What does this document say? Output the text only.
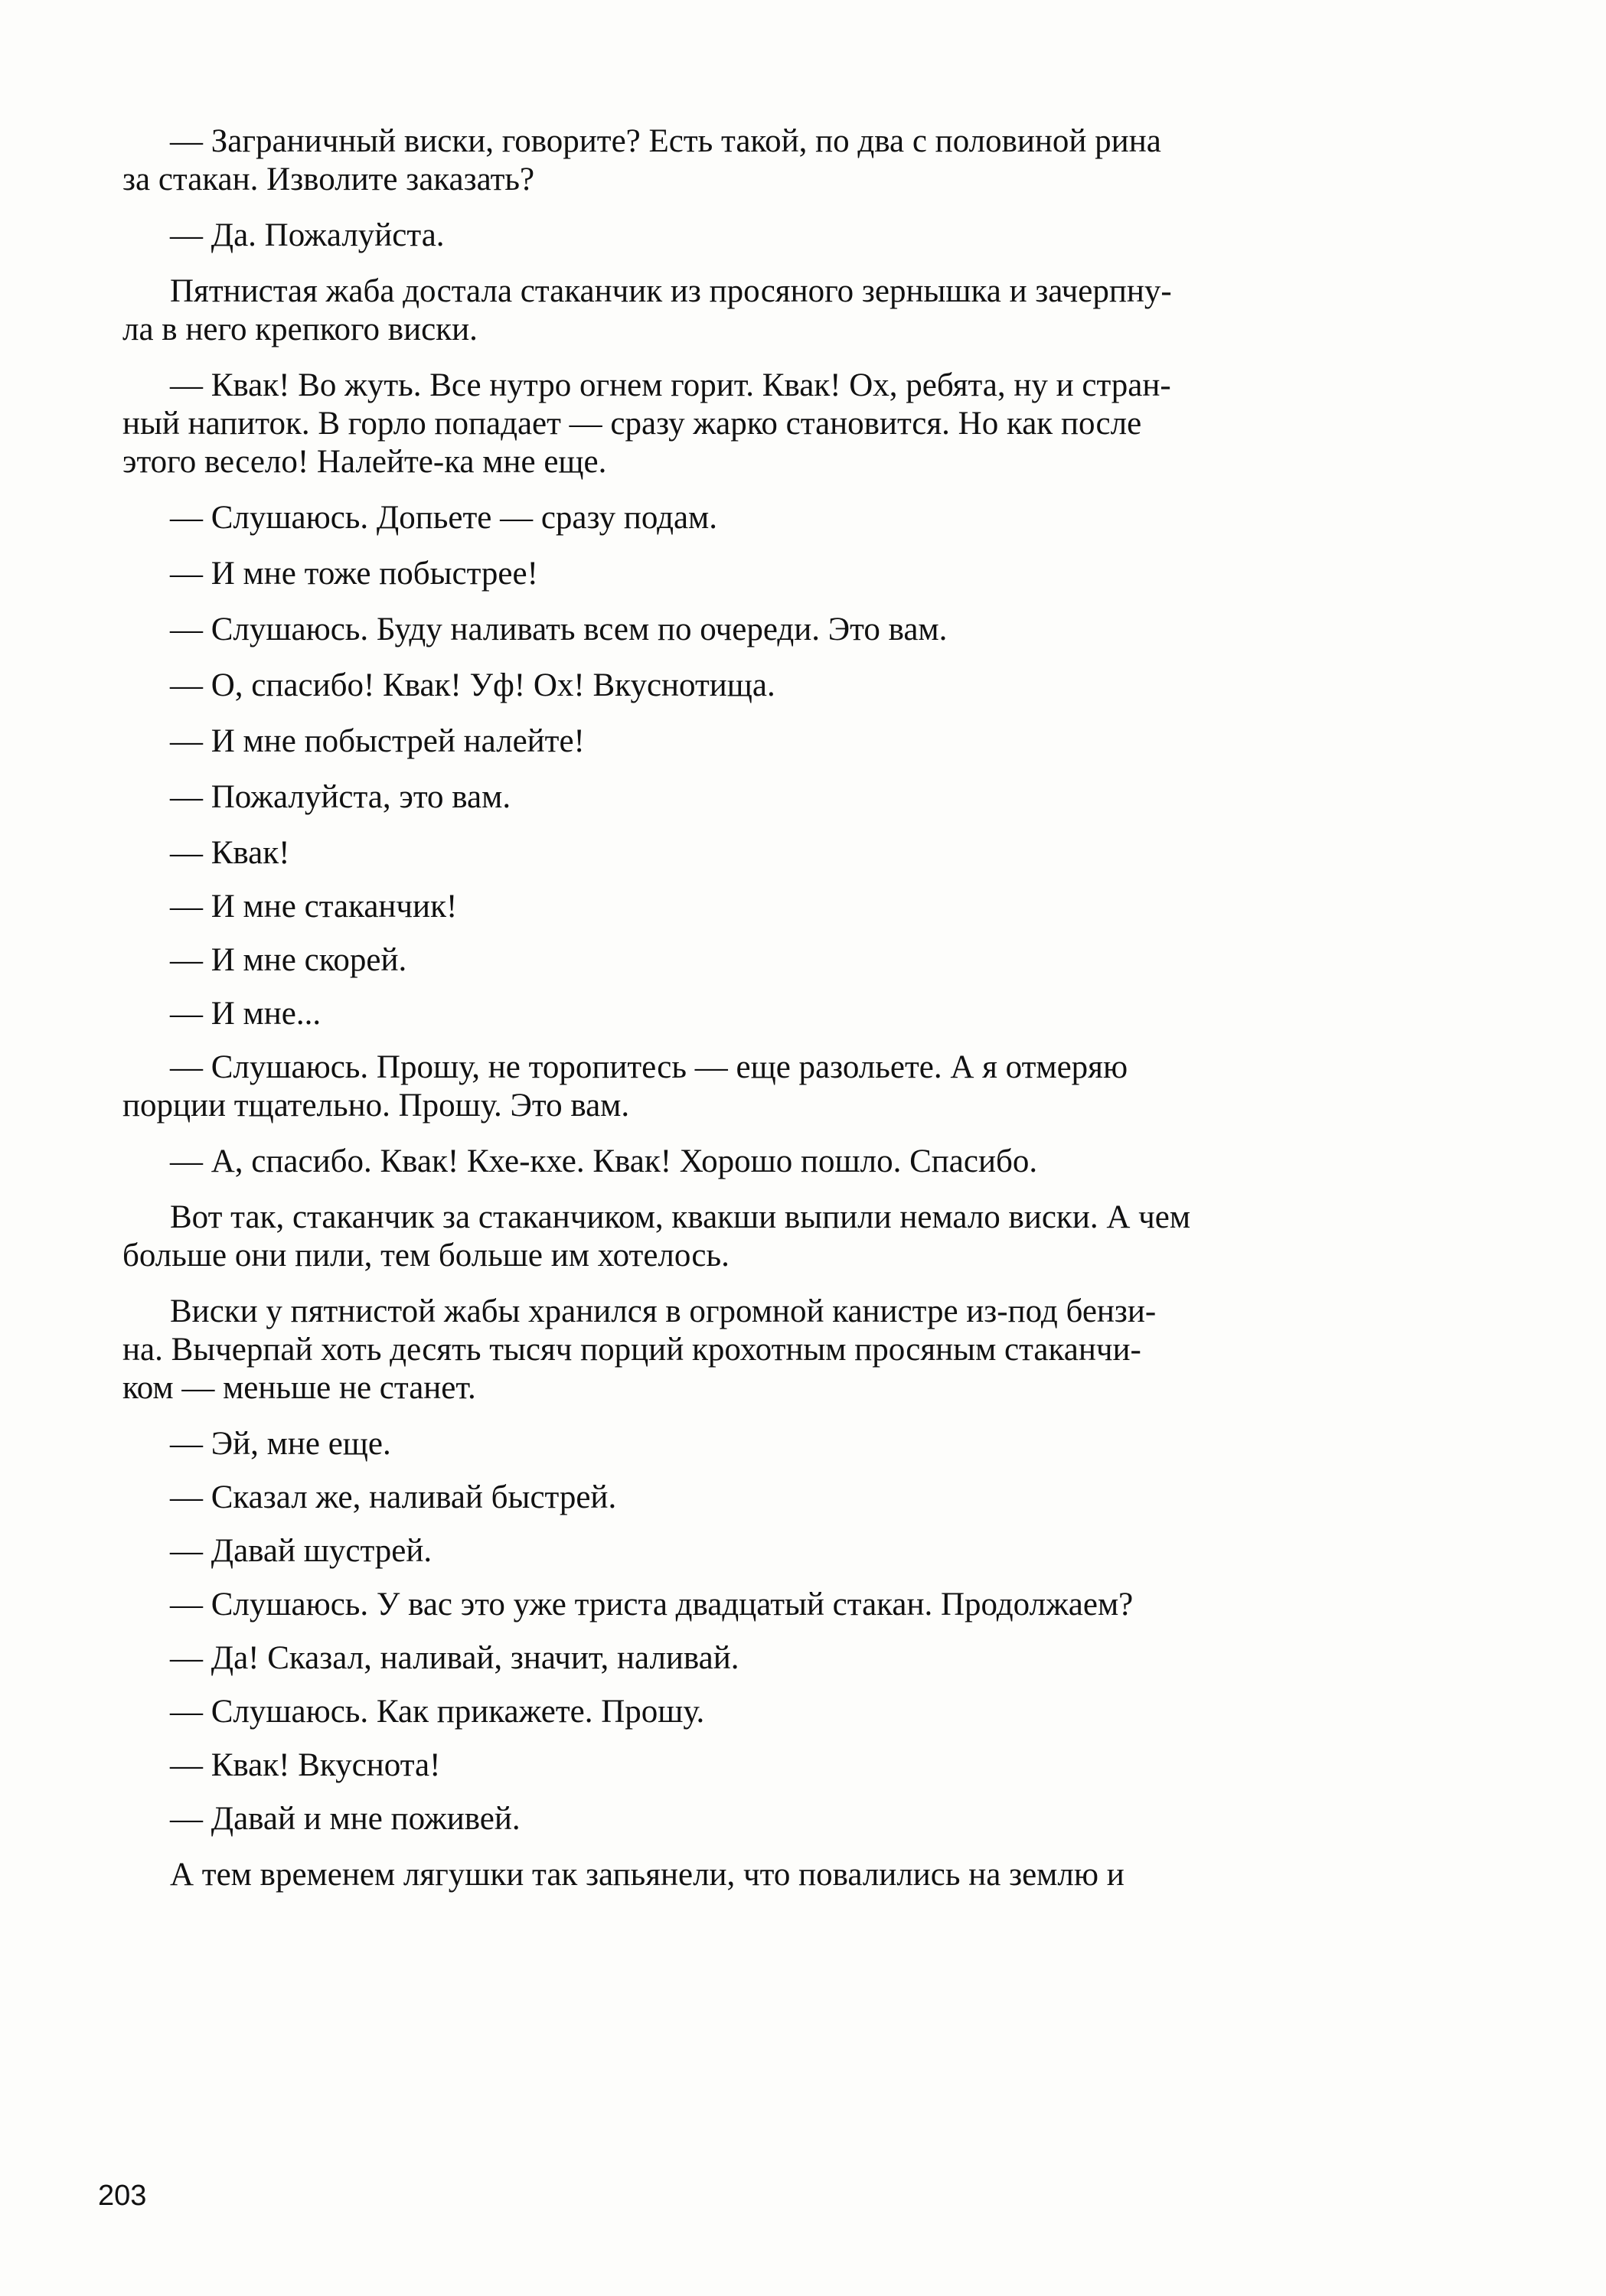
— Заграничный виски, говорите? Есть такой, по два с половиной рина
за стакан. Изволите заказать?

— Да. Пожалуйста.

Пятнистая жаба достала стаканчик из просяного зернышка и зачерпну-
ла в него крепкого виски.

— Квак! Во жуть. Все нутро огнем горит. Квак! Ох, ребята, ну и стран-
ный напиток. В горло попадает — сразу жарко становится. Но как после
этого весело! Налейте-ка мне еще.

— Слушаюсь. Допьете — сразу подам.

— И мне тоже побыстрее!

— Слушаюсь. Буду наливать всем по очереди. Это вам.

— О, спасибо! Квак! Уф! Ох! Вкуснотища.

— И мне побыстрей налейте!

— Пожалуйста, это вам.

— Квак!

— И мне стаканчик!

— И мне скорей.

— И мне...

— Слушаюсь. Прошу, не торопитесь — еще разольете. А я отмеряю
порции тщательно. Прошу. Это вам.

— А, спасибо. Квак! Кхе-кхе. Квак! Хорошо пошло. Спасибо.

Вот так, стаканчик за стаканчиком, квакши выпили немало виски. А чем
больше они пили, тем больше им хотелось.

Виски у пятнистой жабы хранился в огромной канистре из-под бензи-
на. Вычерпай хоть десять тысяч порций крохотным просяным стаканчи-
ком — меньше не станет.

— Эй, мне еще.

— Сказал же, наливай быстрей.

— Давай шустрей.

— Слушаюсь. У вас это уже триста двадцатый стакан. Продолжаем?

— Да! Сказал, наливай, значит, наливай.

— Слушаюсь. Как прикажете. Прошу.

— Квак! Вкуснота!

— Давай и мне поживей.

А тем временем лягушки так запьянели, что повалились на землю и

203
